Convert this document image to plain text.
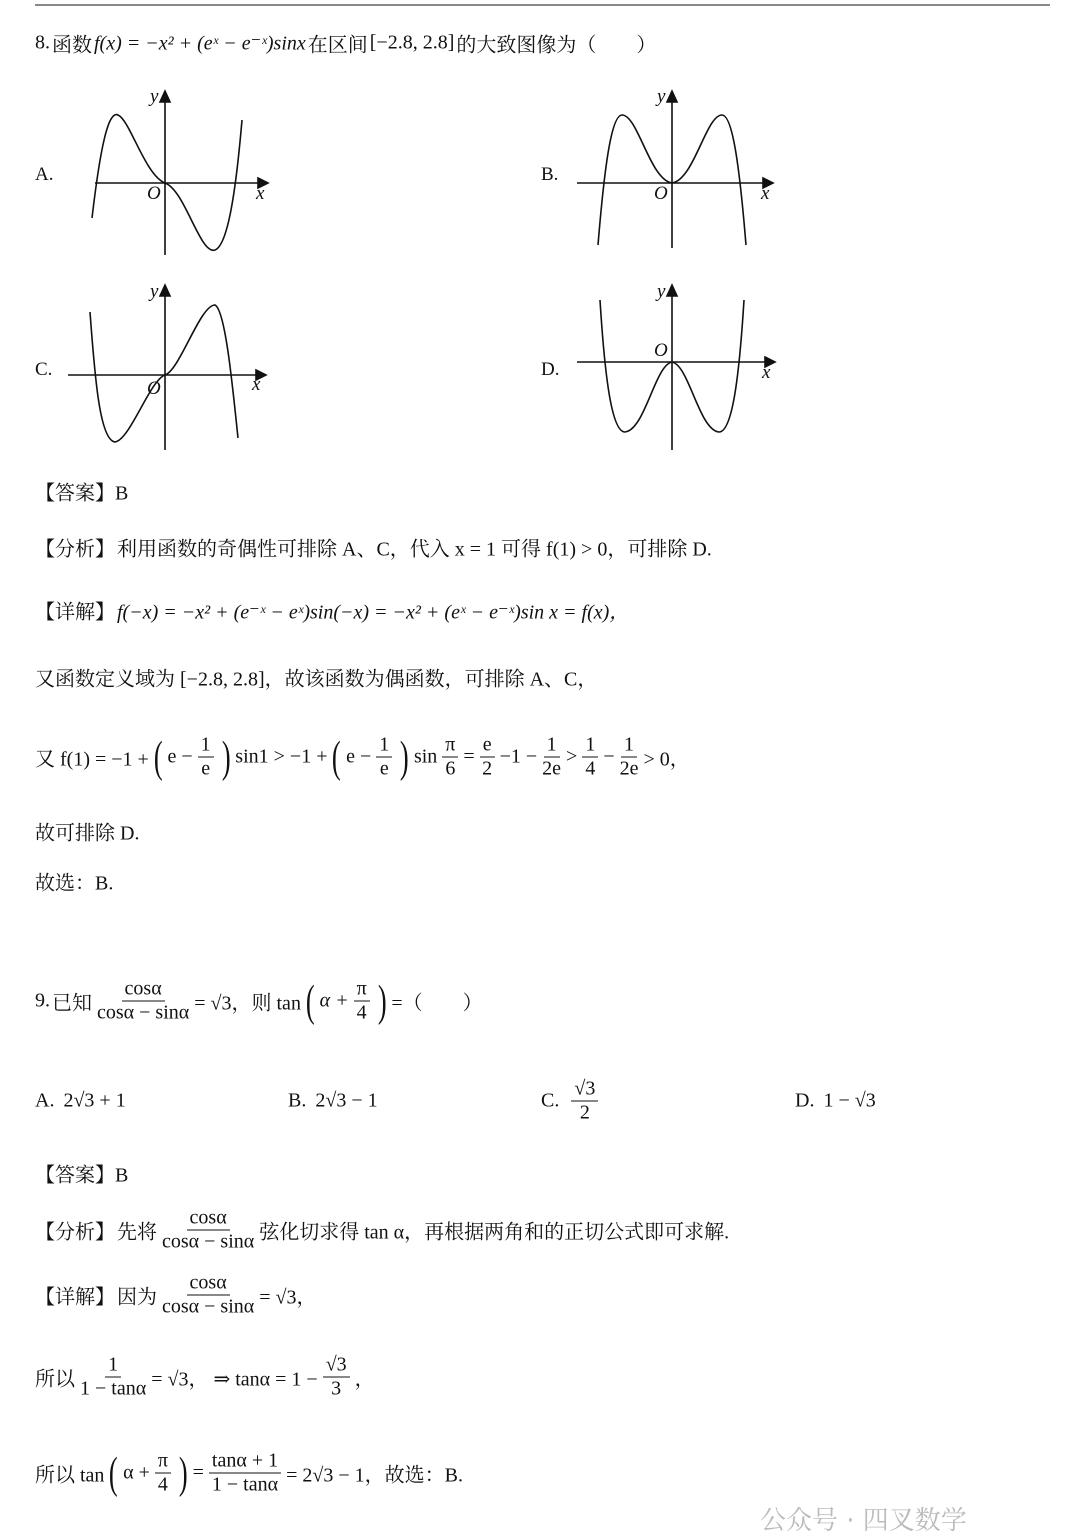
8. 函数 f(x) = −x² + (eˣ − e⁻ˣ)sinx 在区间 [−2.8, 2.8] 的大致图像为（　　）
A.	B.
C.	D.
y
O	x
y
O	x
y
O	x
y
O
x
【答案】B
【分析】 利用函数的奇偶性可排除 A、C，代入 x = 1 可得 f(1) > 0，可排除 D.
【详解】 f(−x) = −x² + (e⁻ˣ − eˣ)sin(−x) = −x² + (eˣ − e⁻ˣ)sin x = f(x)，
又函数定义域为 [−2.8, 2.8]，故该函数为偶函数，可排除 A、C，
又 f(1) = −1 + ( $e - \frac{1}{e}$ ) sin1 > −1 + ( $e - \frac{1}{e}$ ) $\sin \frac{\pi}{6} = \frac{e}{2} -1 - \frac{1}{2e} > \frac{1}{4} - \frac{1}{2e} > 0$，
故可排除 D.
故选：B.
9. 已知 $\frac{\cos\alpha}{\cos\alpha - \sin\alpha} = √3$，则 tan ( $\alpha + \frac{\pi}{4}$ ) =（　　）
A.
2√3 + 1	B.
2√3 − 1	C.
$\frac{√3}{2}$	D.
1 − √3
【答案】B
【分析】 先将 $\frac{\cos\alpha}{\cos\alpha - \sin\alpha}$ 弦化切求得 tan α，再根据两角和的正切公式即可求解.
【详解】 因为 $\frac{\cos\alpha}{\cos\alpha - \sin\alpha} = √3$，
所以 $\frac{1}{1 - \tan\alpha} = √3$， ⇒ $\tan\alpha = 1 - \frac{√3}{3}$ ，
所以 tan ( $\alpha + \frac{\pi}{4}$ ) = $\frac{\tan\alpha + 1}{1 - \tan\alpha} = 2√3 - 1$，故选：B.
公众号 · 四叉数学
